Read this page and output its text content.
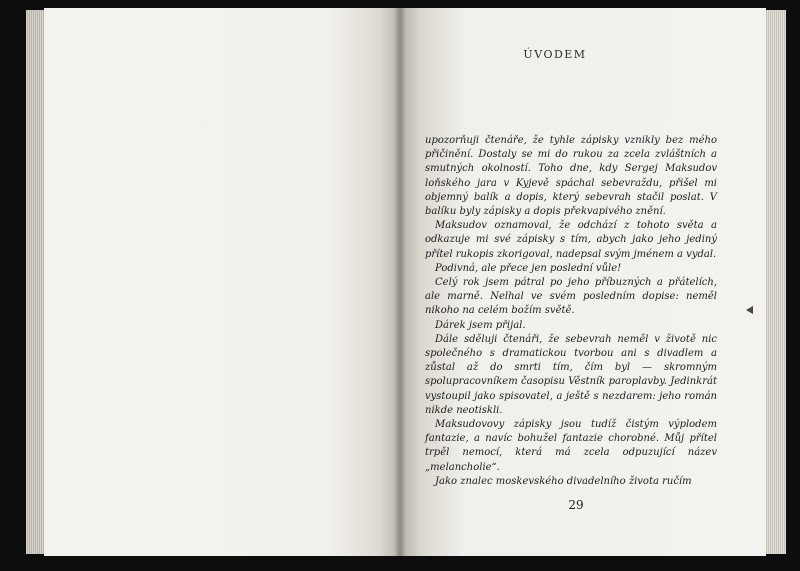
ÚVODEM

upozorňuji čtenáře, že tyhle zápisky vznikly bez mého přičinění. Dostaly se mi do rukou za zcela zvláštních a smutných okolností. Toho dne, kdy Sergej Maksudov loňského jara v Kyjevě spáchal sebevraždu, přišel mi objemný balík a dopis, který sebevrah stačil poslat. V balíku byly zápisky a dopis překvapivého znění.

Maksudov oznamoval, že odchází z tohoto světa a odkazuje mi své zápisky s tím, abych jako jeho jediný přítel rukopis zkorigoval, nadepsal svým jménem a vydal.

Podivná, ale přece jen poslední vůle!

Celý rok jsem pátral po jeho příbuzných a přátelích, ale marně. Nelhal ve svém posledním dopise: neměl nikoho na celém božím světě.

Dárek jsem přijal.

Dále sděluji čtenáři, že sebevrah neměl v životě nic společného s dramatickou tvorbou ani s divadlem a zůstal až do smrti tím, čím byl — skromným spolupracovníkem časopisu Věstník paroplavby. Jedinkrát vystoupil jako spisovatel, a ještě s nezdarem: jeho román nikde neotiskli.

Maksudovovy zápisky jsou tudíž čistým výplodem fantazie, a navíc bohužel fantazie chorobné. Můj přítel trpěl nemocí, která má zcela odpuzující název „melancholie“.

Jako znalec moskevského divadelního života ručím

29
